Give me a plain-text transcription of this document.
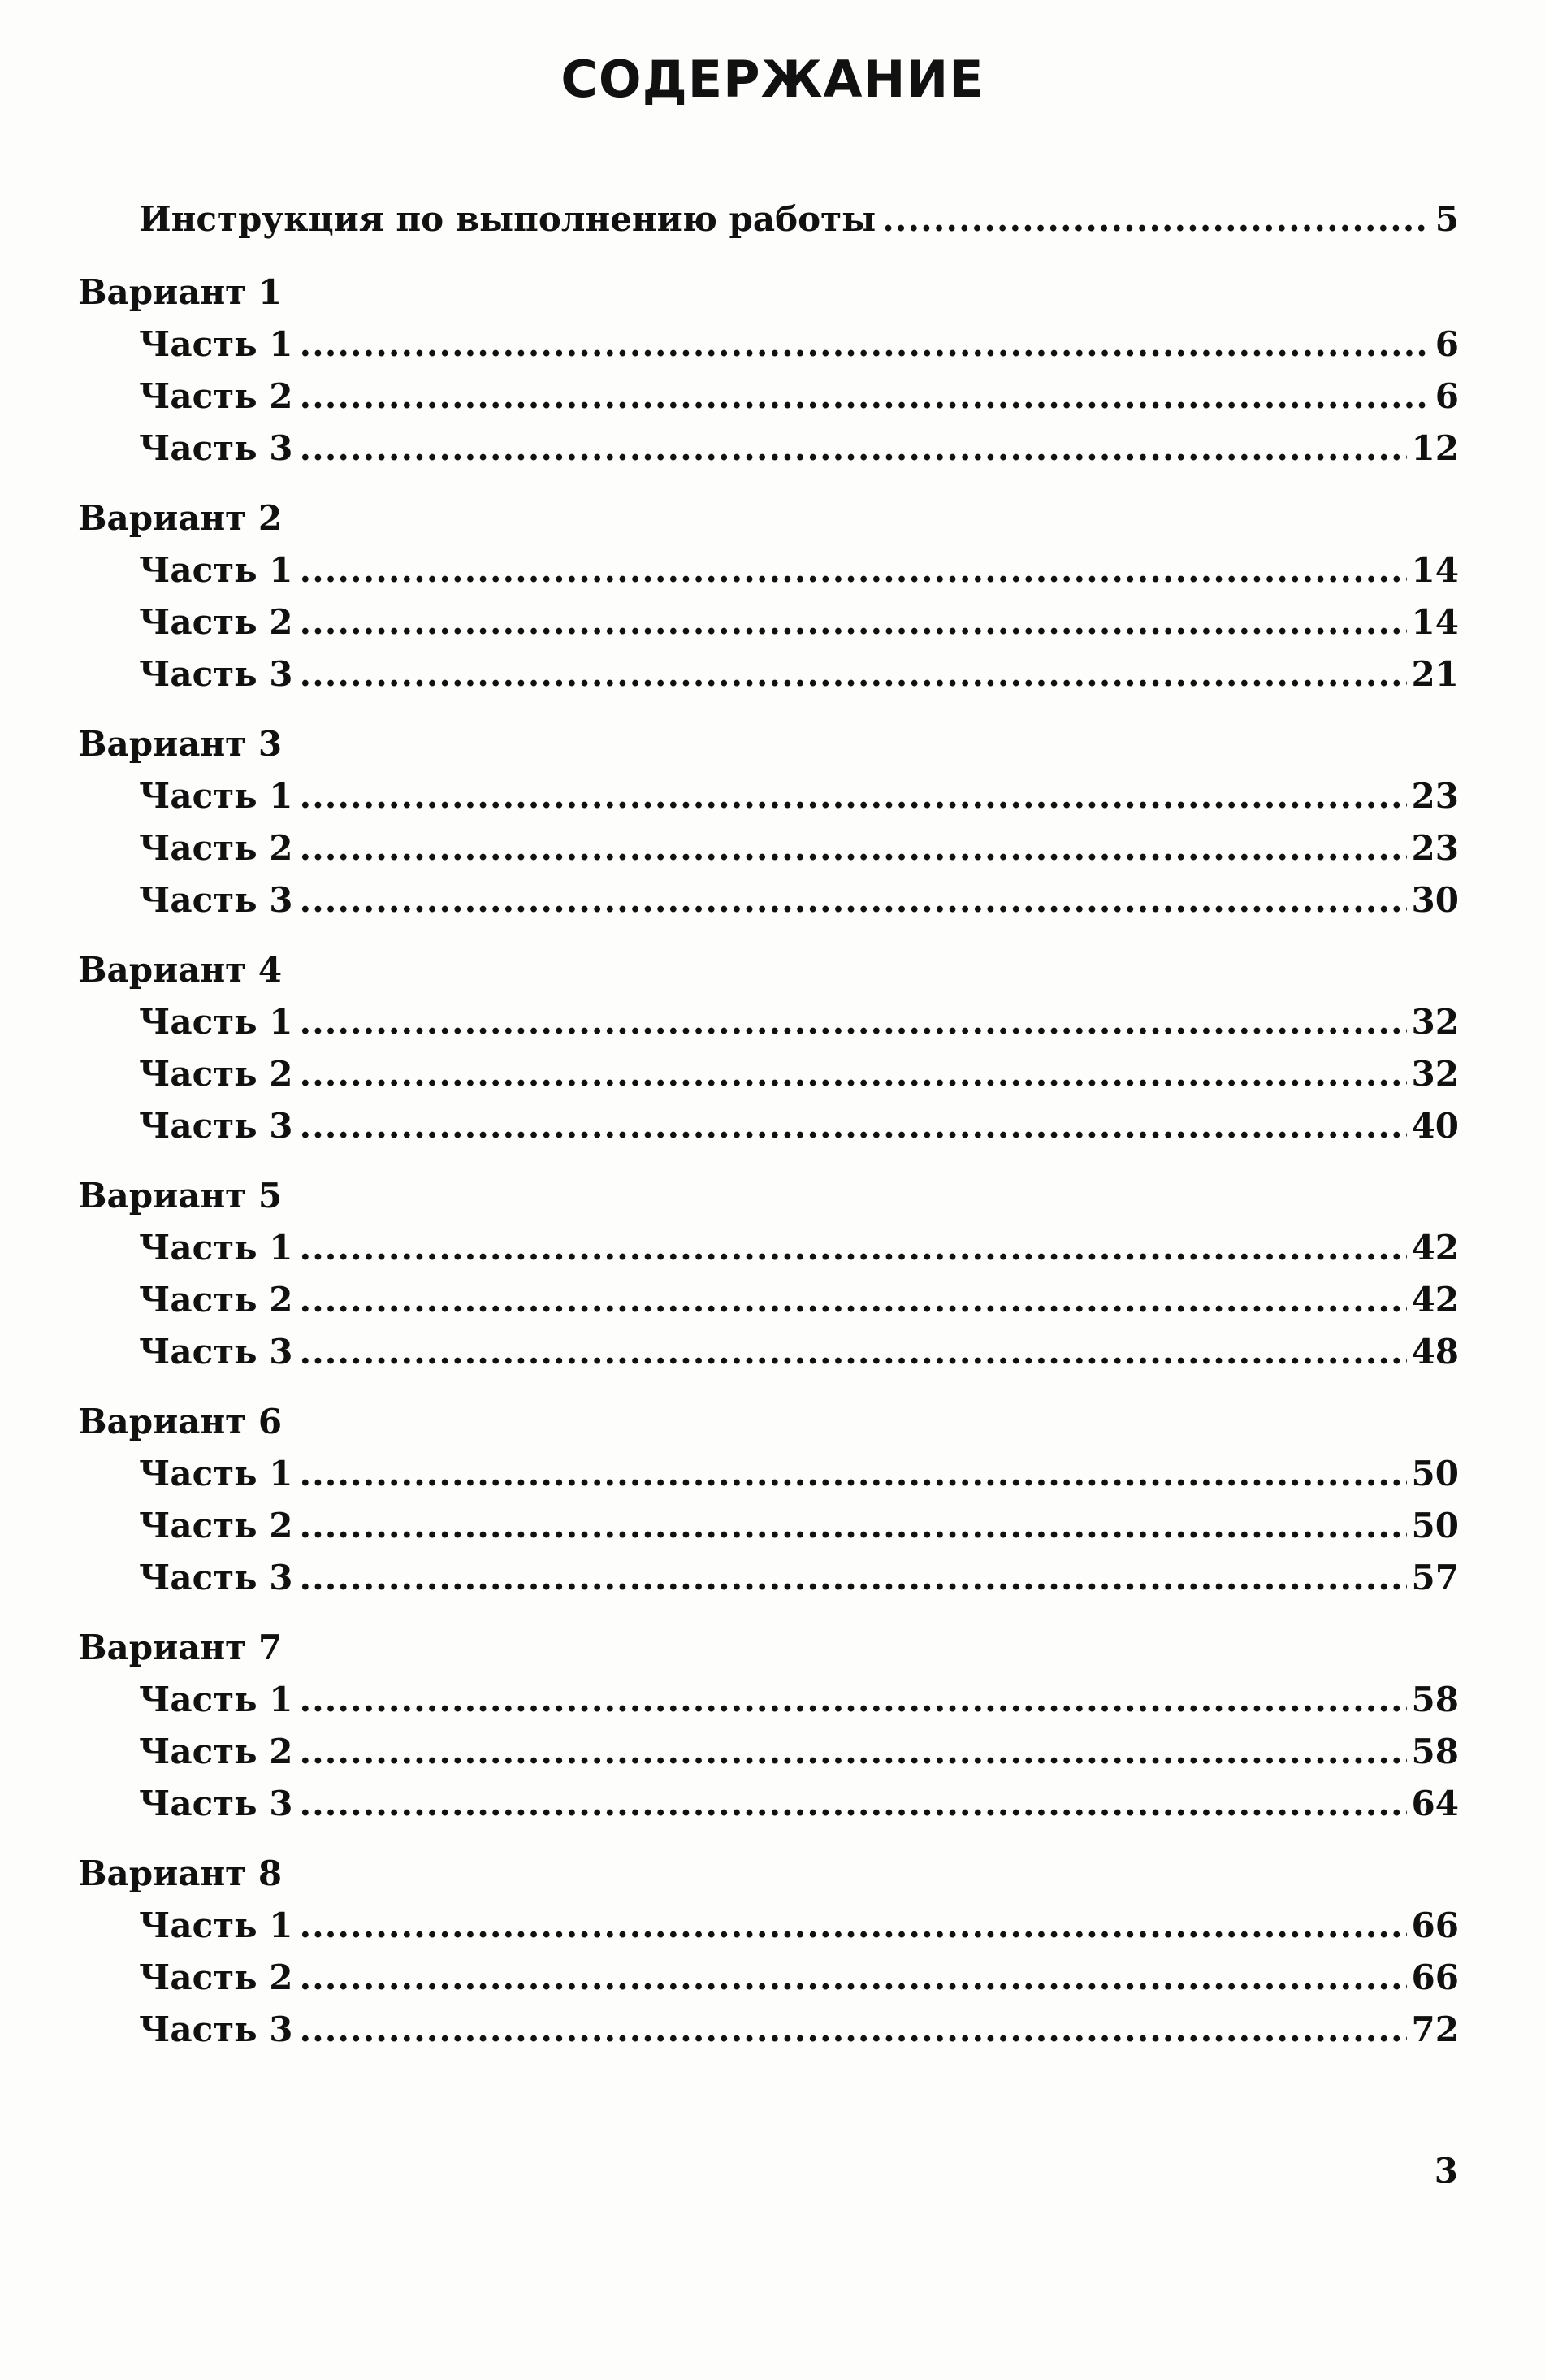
СОДЕРЖАНИЕ
Инструкция по выполнению работы .....	5
Вариант 1
Часть 1 .....	6
Часть 2 .....	6
Часть 3 .....	12
Вариант 2
Часть 1 .....	14
Часть 2 .....	14
Часть 3 .....	21
Вариант 3
Часть 1 .....	23
Часть 2 .....	23
Часть 3 .....	30
Вариант 4
Часть 1 .....	32
Часть 2 .....	32
Часть 3 .....	40
Вариант 5
Часть 1 .....	42
Часть 2 .....	42
Часть 3 .....	48
Вариант 6
Часть 1 .....	50
Часть 2 .....	50
Часть 3 .....	57
Вариант 7
Часть 1 .....	58
Часть 2 .....	58
Часть 3 .....	64
Вариант 8
Часть 1 .....	66
Часть 2 .....	66
Часть 3 .....	72
3
